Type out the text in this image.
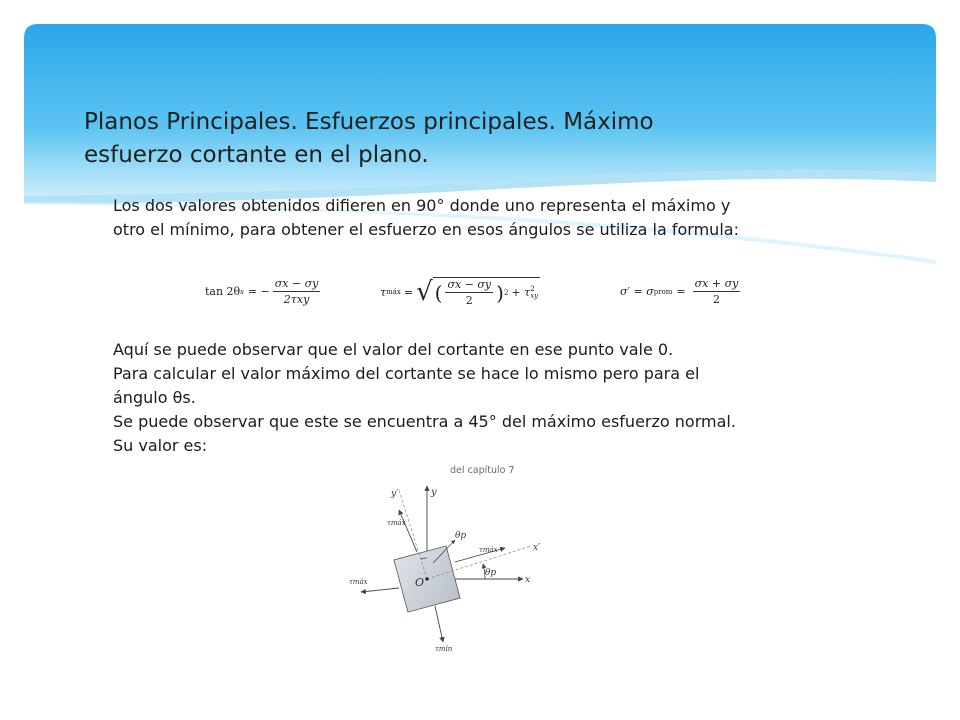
Planos Principales. Esfuerzos principales. Máximo
esfuerzo cortante en el plano.

Los dos valores obtenidos difieren en 90° donde uno representa el máximo y

otro el mínimo, para obtener el esfuerzo en esos ángulos se utiliza la formula:

tan 2θ s = − $\frac{\sigma x - \sigma y}{\text{2τxy}}$	τ máx = √ ( $\frac{\sigma x - \sigma y}{2}$ ) 2 + τ 2
xy	σ′ = σ prom = $\frac{\sigma x + \sigma y}{2}$

Aquí se puede observar que el valor del cortante en ese punto vale 0.

Para calcular el valor máximo del cortante se hace lo mismo pero para el

ángulo θs.

Se puede observar que este se encuentra a 45° del máximo esfuerzo normal.

Su valor es:

del capítulo 7
y′	y
x
x′
θp
θp
O
τmáx
τmáx
τmáx
τmín
